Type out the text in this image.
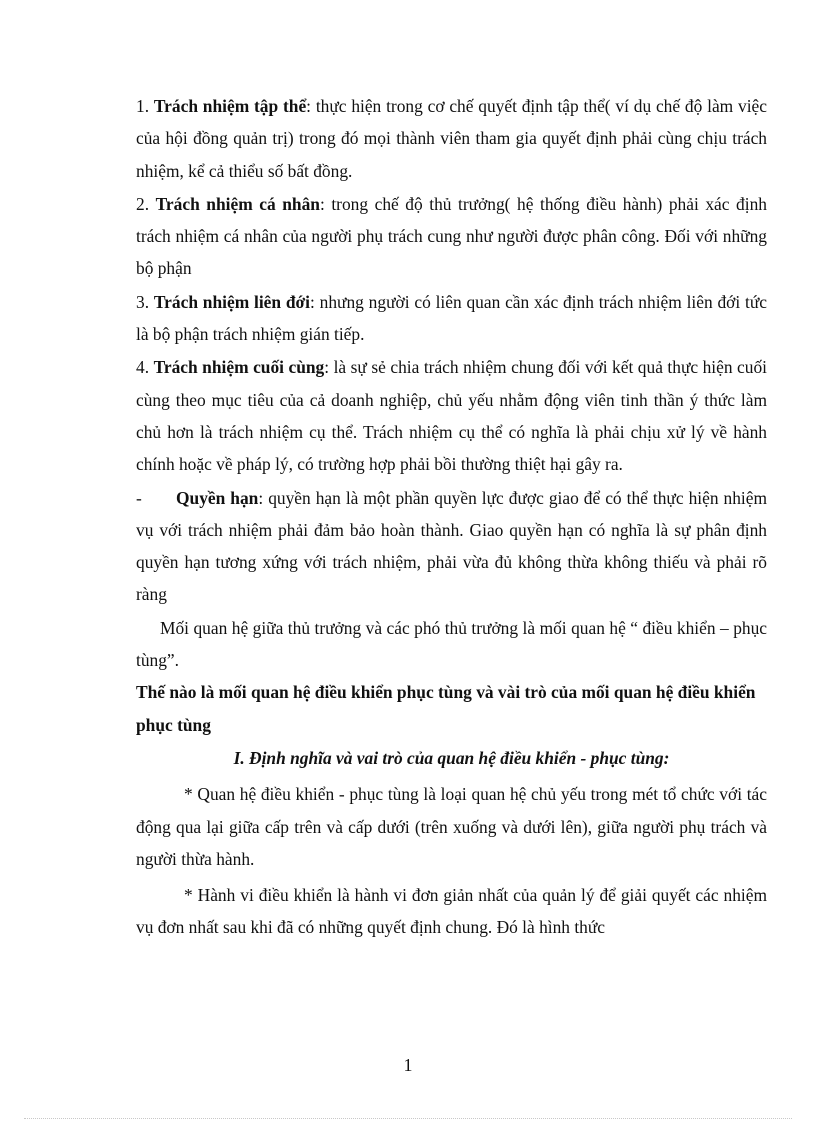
1. Trách nhiệm tập thể: thực hiện trong cơ chế quyết định tập thể( ví dụ chế độ làm việc của hội đồng quản trị) trong đó mọi thành viên tham gia quyết định phải cùng chịu trách nhiệm, kể cả thiểu số bất đồng.

2. Trách nhiệm cá nhân: trong chế độ thủ trưởng( hệ thống điều hành) phải xác định trách nhiệm cá nhân của người phụ trách cung như người được phân công. Đối với những bộ phận

3. Trách nhiệm liên đới: nhưng người có liên quan cần xác định trách nhiệm liên đới tức là bộ phận trách nhiệm gián tiếp.

4. Trách nhiệm cuối cùng: là sự sẻ chia trách nhiệm chung đối với kết quả thực hiện cuối cùng theo mục tiêu của cả doanh nghiệp, chủ yếu nhằm động viên tinh thần ý thức làm chủ hơn là trách nhiệm cụ thể. Trách nhiệm cụ thể có nghĩa là phải chịu xử lý về hành chính hoặc về pháp lý, có trường hợp phải bồi thường thiệt hại gây ra.

- Quyền hạn: quyền hạn là một phần quyền lực được giao để có thể thực hiện nhiệm vụ với trách nhiệm phải đảm bảo hoàn thành. Giao quyền hạn có nghĩa là sự phân định quyền hạn tương xứng với trách nhiệm, phải vừa đủ không thừa không thiếu và phải rõ ràng

Mối quan hệ giữa thủ trưởng và các phó thủ trưởng là mối quan hệ “ điều khiển – phục tùng”.

Thế nào là mối quan hệ điều khiển phục tùng và vài trò của mối quan hệ điều khiển phục tùng

I. Định nghĩa và vai trò của quan hệ điều khiển - phục tùng:

* Quan hệ điều khiển - phục tùng là loại quan hệ chủ yếu trong mét tổ chức với tác động qua lại giữa cấp trên và cấp dưới (trên xuống và dưới lên), giữa người phụ trách và người thừa hành.

* Hành vi điều khiển là hành vi đơn giản nhất của quản lý để giải quyết các nhiệm vụ đơn nhất sau khi đã có những quyết định chung. Đó là hình thức

1
